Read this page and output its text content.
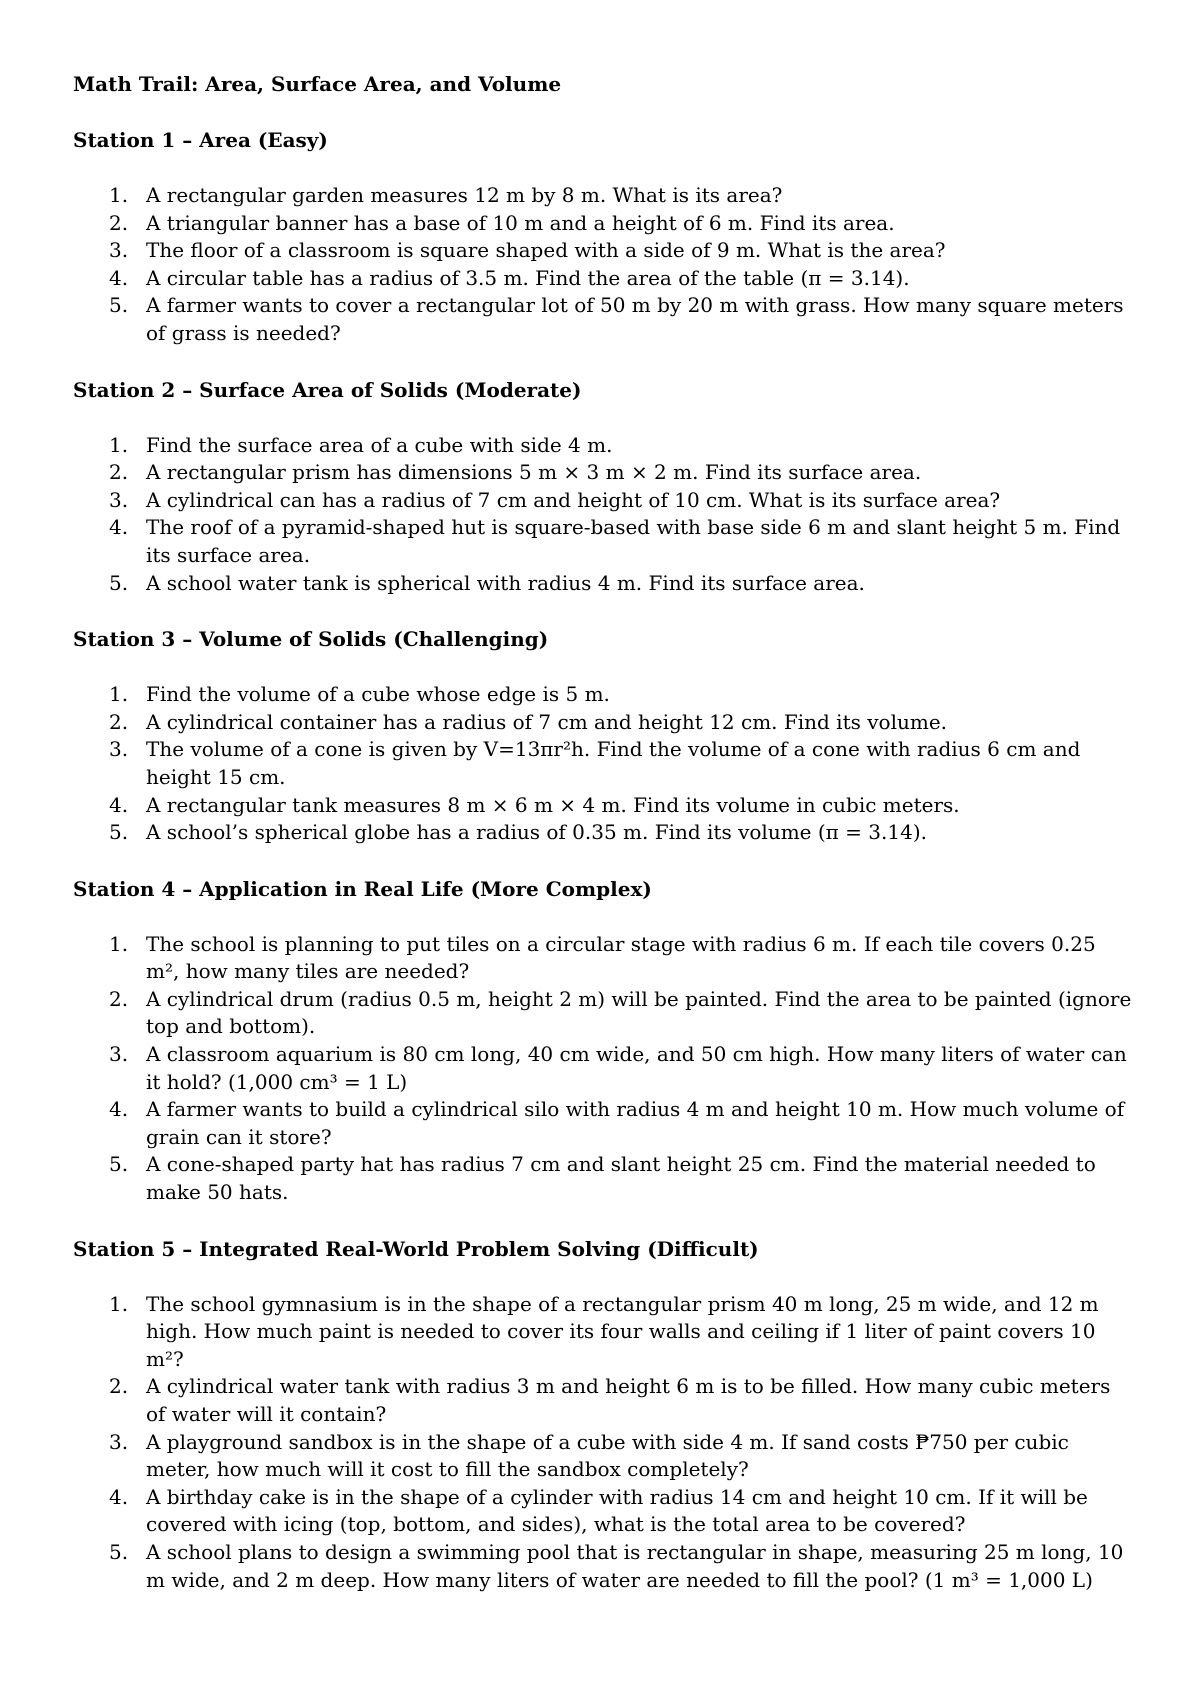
Math Trail: Area, Surface Area, and Volume
Station 1 – Area (Easy)
1. A rectangular garden measures 12 m by 8 m. What is its area?
2. A triangular banner has a base of 10 m and a height of 6 m. Find its area.
3. The floor of a classroom is square shaped with a side of 9 m. What is the area?
4. A circular table has a radius of 3.5 m. Find the area of the table (π = 3.14).
5. A farmer wants to cover a rectangular lot of 50 m by 20 m with grass. How many square meters of grass is needed?
Station 2 – Surface Area of Solids (Moderate)
1. Find the surface area of a cube with side 4 m.
2. A rectangular prism has dimensions 5 m × 3 m × 2 m. Find its surface area.
3. A cylindrical can has a radius of 7 cm and height of 10 cm. What is its surface area?
4. The roof of a pyramid-shaped hut is square-based with base side 6 m and slant height 5 m. Find its surface area.
5. A school water tank is spherical with radius 4 m. Find its surface area.
Station 3 – Volume of Solids (Challenging)
1. Find the volume of a cube whose edge is 5 m.
2. A cylindrical container has a radius of 7 cm and height 12 cm. Find its volume.
3. The volume of a cone is given by V=13πr²h. Find the volume of a cone with radius 6 cm and height 15 cm.
4. A rectangular tank measures 8 m × 6 m × 4 m. Find its volume in cubic meters.
5. A school’s spherical globe has a radius of 0.35 m. Find its volume (π = 3.14).
Station 4 – Application in Real Life (More Complex)
1. The school is planning to put tiles on a circular stage with radius 6 m. If each tile covers 0.25 m², how many tiles are needed?
2. A cylindrical drum (radius 0.5 m, height 2 m) will be painted. Find the area to be painted (ignore top and bottom).
3. A classroom aquarium is 80 cm long, 40 cm wide, and 50 cm high. How many liters of water can it hold? (1,000 cm³ = 1 L)
4. A farmer wants to build a cylindrical silo with radius 4 m and height 10 m. How much volume of grain can it store?
5. A cone-shaped party hat has radius 7 cm and slant height 25 cm. Find the material needed to make 50 hats.
Station 5 – Integrated Real-World Problem Solving (Difficult)
1. The school gymnasium is in the shape of a rectangular prism 40 m long, 25 m wide, and 12 m high. How much paint is needed to cover its four walls and ceiling if 1 liter of paint covers 10 m²?
2. A cylindrical water tank with radius 3 m and height 6 m is to be filled. How many cubic meters of water will it contain?
3. A playground sandbox is in the shape of a cube with side 4 m. If sand costs ₱750 per cubic meter, how much will it cost to fill the sandbox completely?
4. A birthday cake is in the shape of a cylinder with radius 14 cm and height 10 cm. If it will be covered with icing (top, bottom, and sides), what is the total area to be covered?
5. A school plans to design a swimming pool that is rectangular in shape, measuring 25 m long, 10 m wide, and 2 m deep. How many liters of water are needed to fill the pool? (1 m³ = 1,000 L)
